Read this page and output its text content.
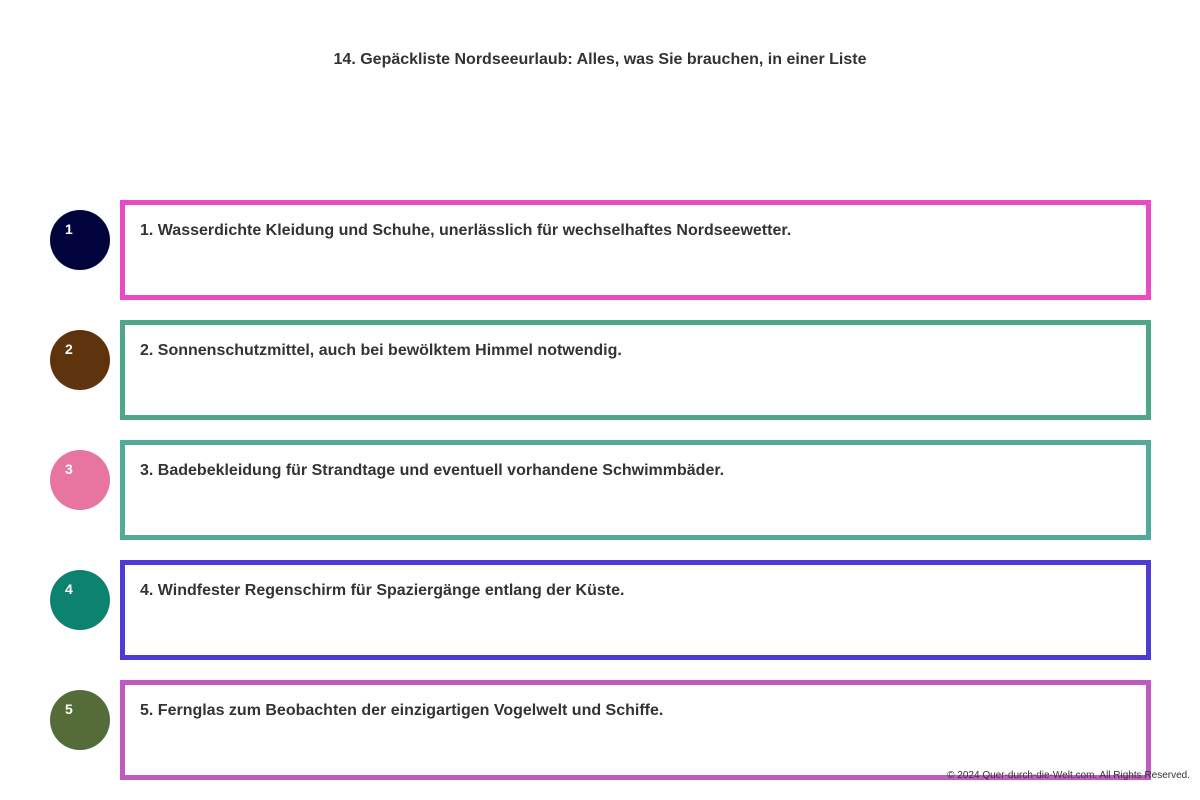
14. Gepäckliste Nordseeurlaub: Alles, was Sie brauchen, in einer Liste
1	1. Wasserdichte Kleidung und Schuhe, unerlässlich für wechselhaftes Nordseewetter.
2	2. Sonnenschutzmittel, auch bei bewölktem Himmel notwendig.
3	3. Badebekleidung für Strandtage und eventuell vorhandene Schwimmbäder.
4	4. Windfester Regenschirm für Spaziergänge entlang der Küste.
5	5. Fernglas zum Beobachten der einzigartigen Vogelwelt und Schiffe.
© 2024 Quer-durch-die-Welt.com. All Rights Reserved.
